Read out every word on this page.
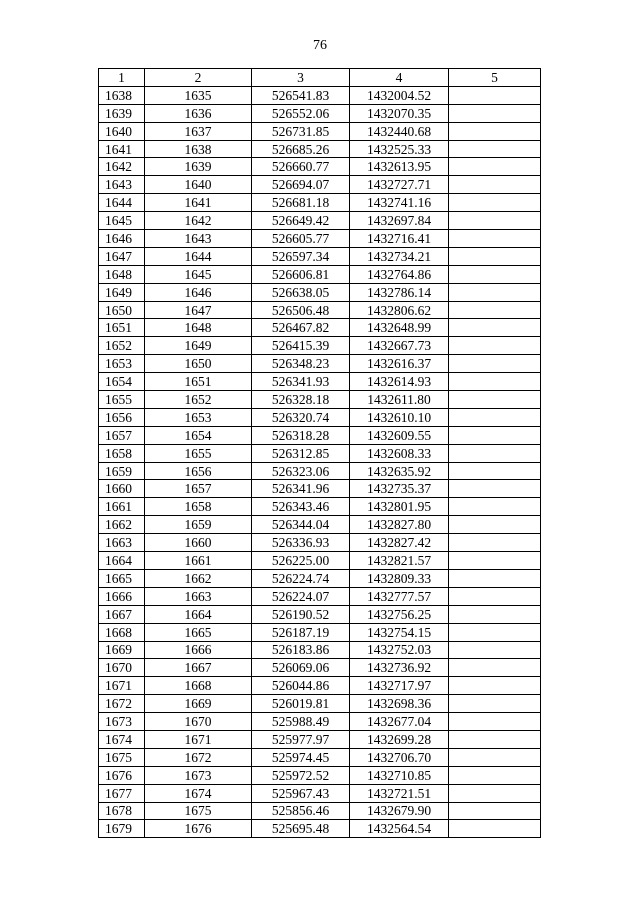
76
1	2	3	4	5
1638	1635	526541.83	1432004.52	
1639	1636	526552.06	1432070.35	
1640	1637	526731.85	1432440.68	
1641	1638	526685.26	1432525.33	
1642	1639	526660.77	1432613.95	
1643	1640	526694.07	1432727.71	
1644	1641	526681.18	1432741.16	
1645	1642	526649.42	1432697.84	
1646	1643	526605.77	1432716.41	
1647	1644	526597.34	1432734.21	
1648	1645	526606.81	1432764.86	
1649	1646	526638.05	1432786.14	
1650	1647	526506.48	1432806.62	
1651	1648	526467.82	1432648.99	
1652	1649	526415.39	1432667.73	
1653	1650	526348.23	1432616.37	
1654	1651	526341.93	1432614.93	
1655	1652	526328.18	1432611.80	
1656	1653	526320.74	1432610.10	
1657	1654	526318.28	1432609.55	
1658	1655	526312.85	1432608.33	
1659	1656	526323.06	1432635.92	
1660	1657	526341.96	1432735.37	
1661	1658	526343.46	1432801.95	
1662	1659	526344.04	1432827.80	
1663	1660	526336.93	1432827.42	
1664	1661	526225.00	1432821.57	
1665	1662	526224.74	1432809.33	
1666	1663	526224.07	1432777.57	
1667	1664	526190.52	1432756.25	
1668	1665	526187.19	1432754.15	
1669	1666	526183.86	1432752.03	
1670	1667	526069.06	1432736.92	
1671	1668	526044.86	1432717.97	
1672	1669	526019.81	1432698.36	
1673	1670	525988.49	1432677.04	
1674	1671	525977.97	1432699.28	
1675	1672	525974.45	1432706.70	
1676	1673	525972.52	1432710.85	
1677	1674	525967.43	1432721.51	
1678	1675	525856.46	1432679.90	
1679	1676	525695.48	1432564.54	
